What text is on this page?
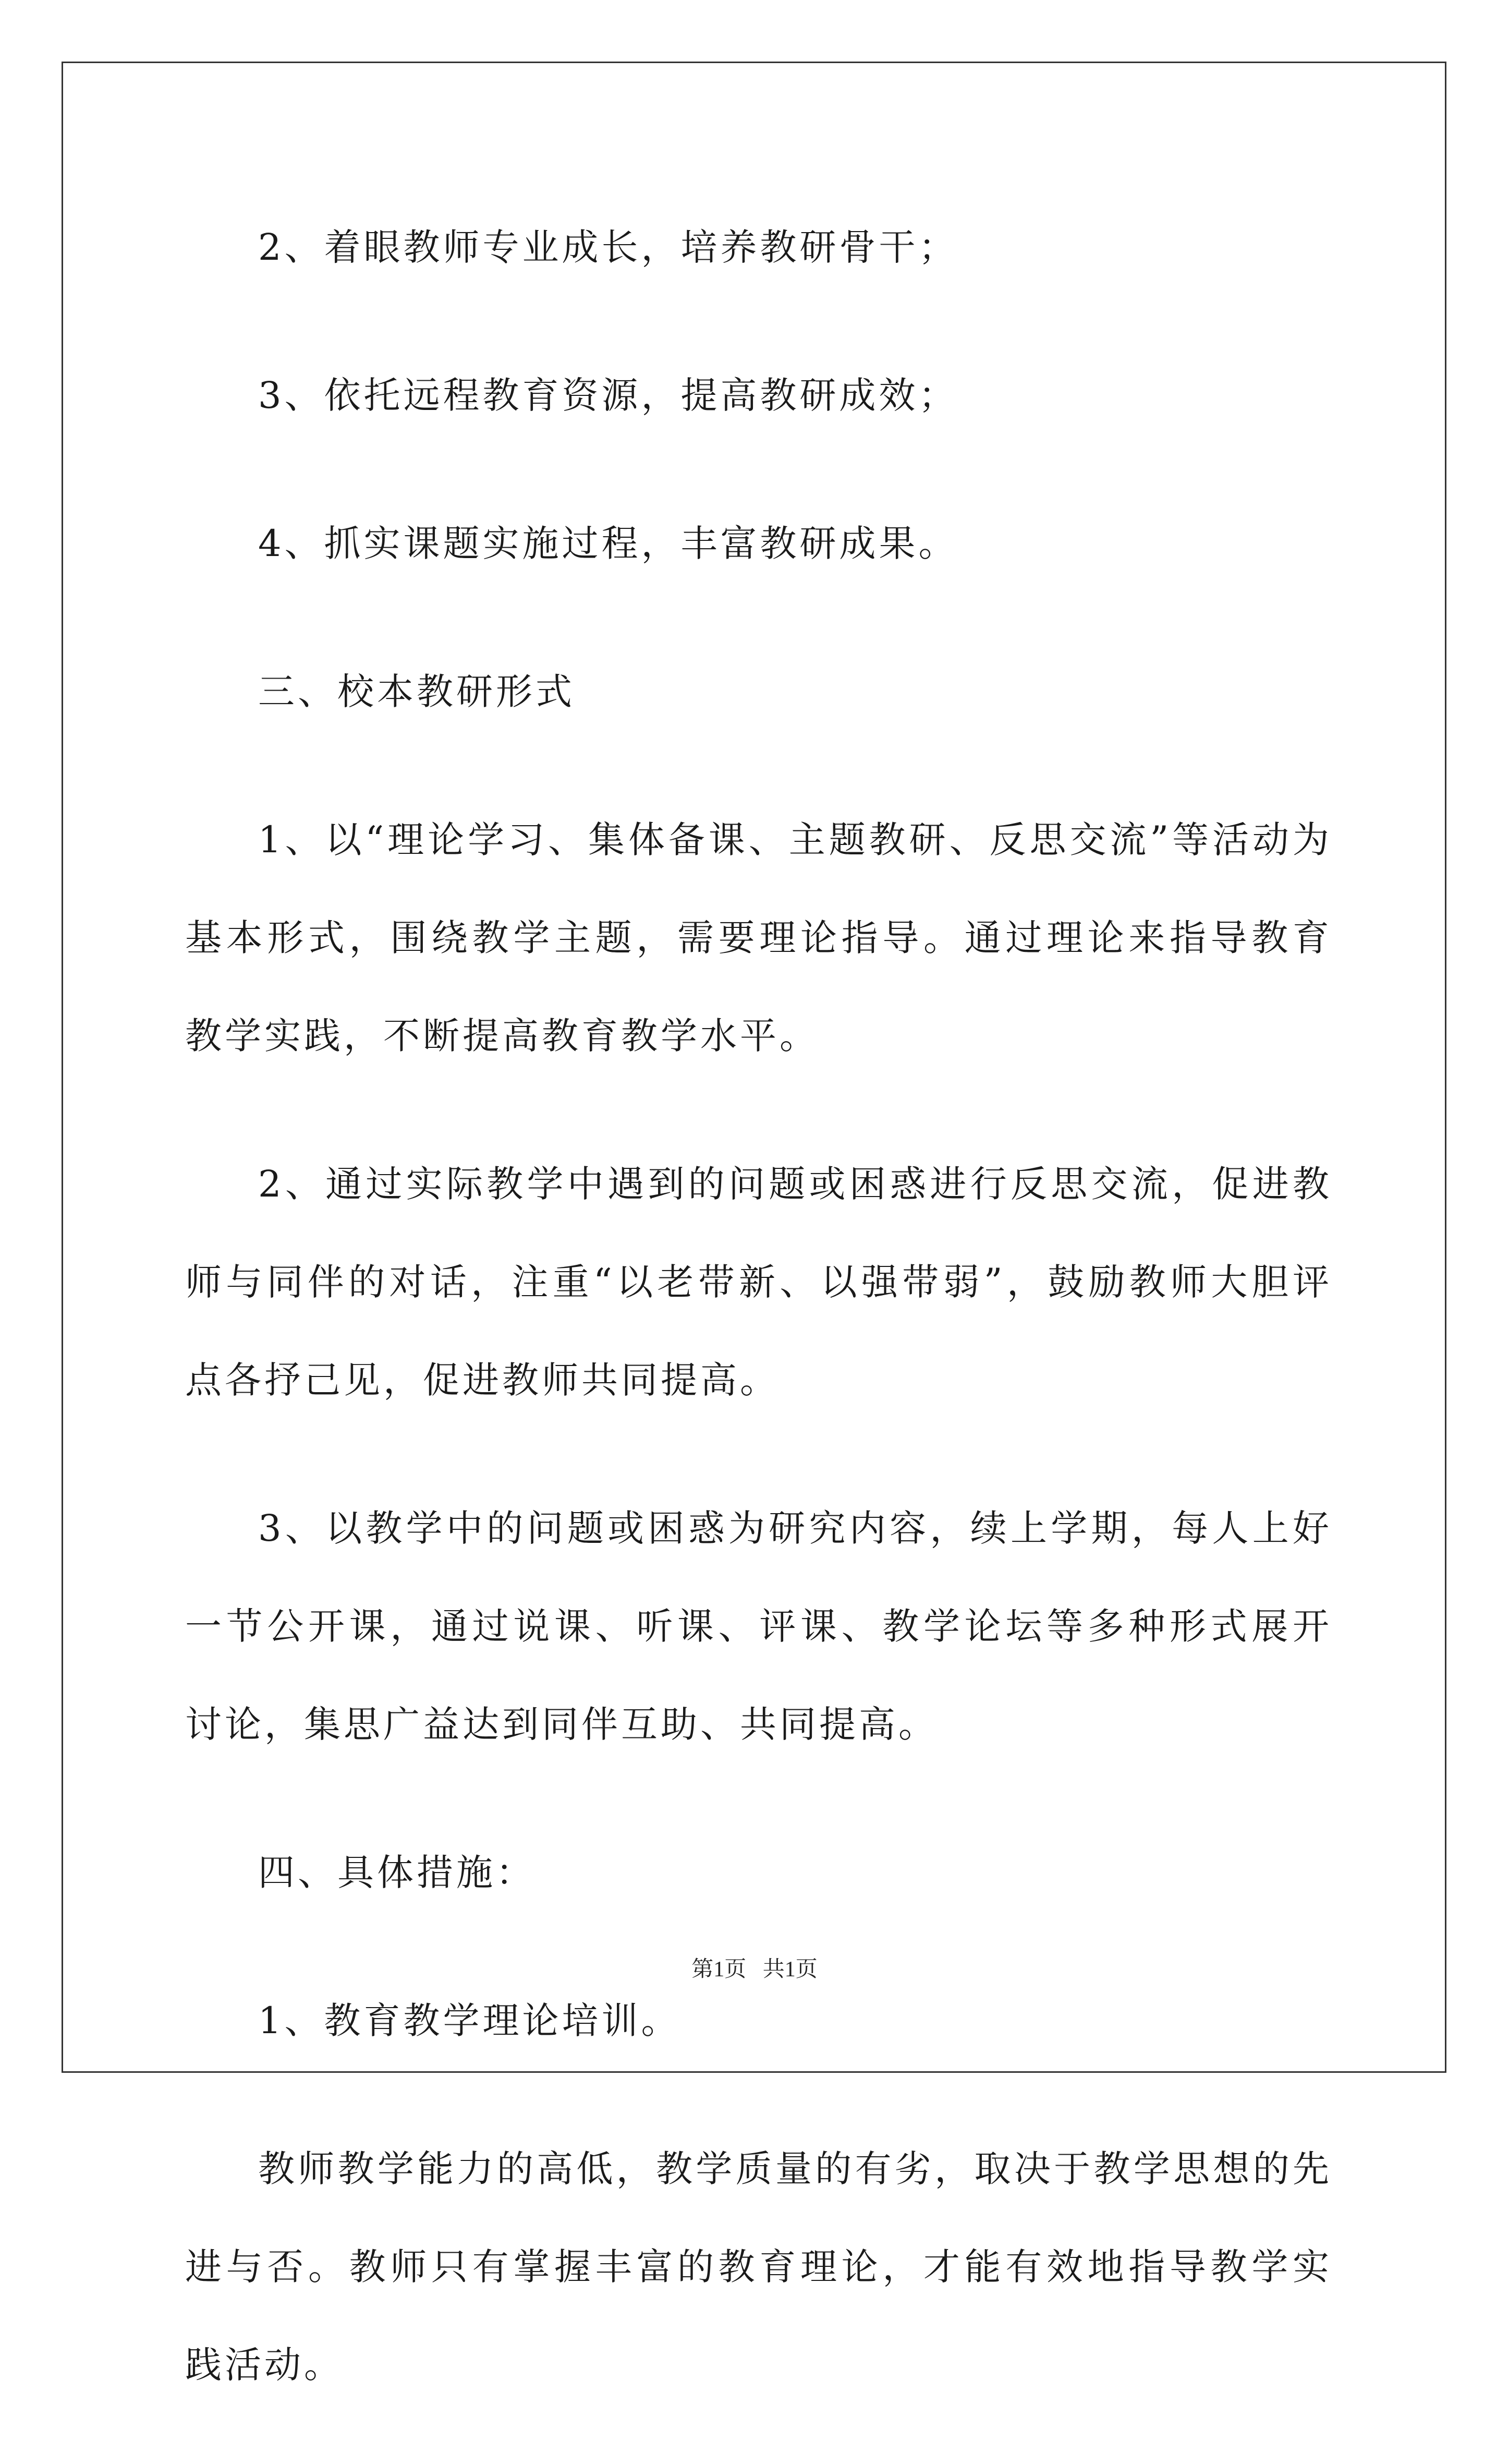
2、着眼教师专业成长，培养教研骨干；

3、依托远程教育资源，提高教研成效；

4、抓实课题实施过程，丰富教研成果。

三、校本教研形式

1、以“理论学习、集体备课、主题教研、反思交流”等活动为基本形式，围绕教学主题，需要理论指导。通过理论来指导教育教学实践，不断提高教育教学水平。

2、通过实际教学中遇到的问题或困惑进行反思交流，促进教师与同伴的对话，注重“以老带新、以强带弱”，鼓励教师大胆评点各抒己见，促进教师共同提高。

3、以教学中的问题或困惑为研究内容，续上学期，每人上好一节公开课，通过说课、听课、评课、教学论坛等多种形式展开讨论，集思广益达到同伴互助、共同提高。

四、具体措施：

1、教育教学理论培训。

教师教学能力的高低，教学质量的有劣，取决于教学思想的先进与否。教师只有掌握丰富的教育理论，才能有效地指导教学实践活动。

第1页 共1页
